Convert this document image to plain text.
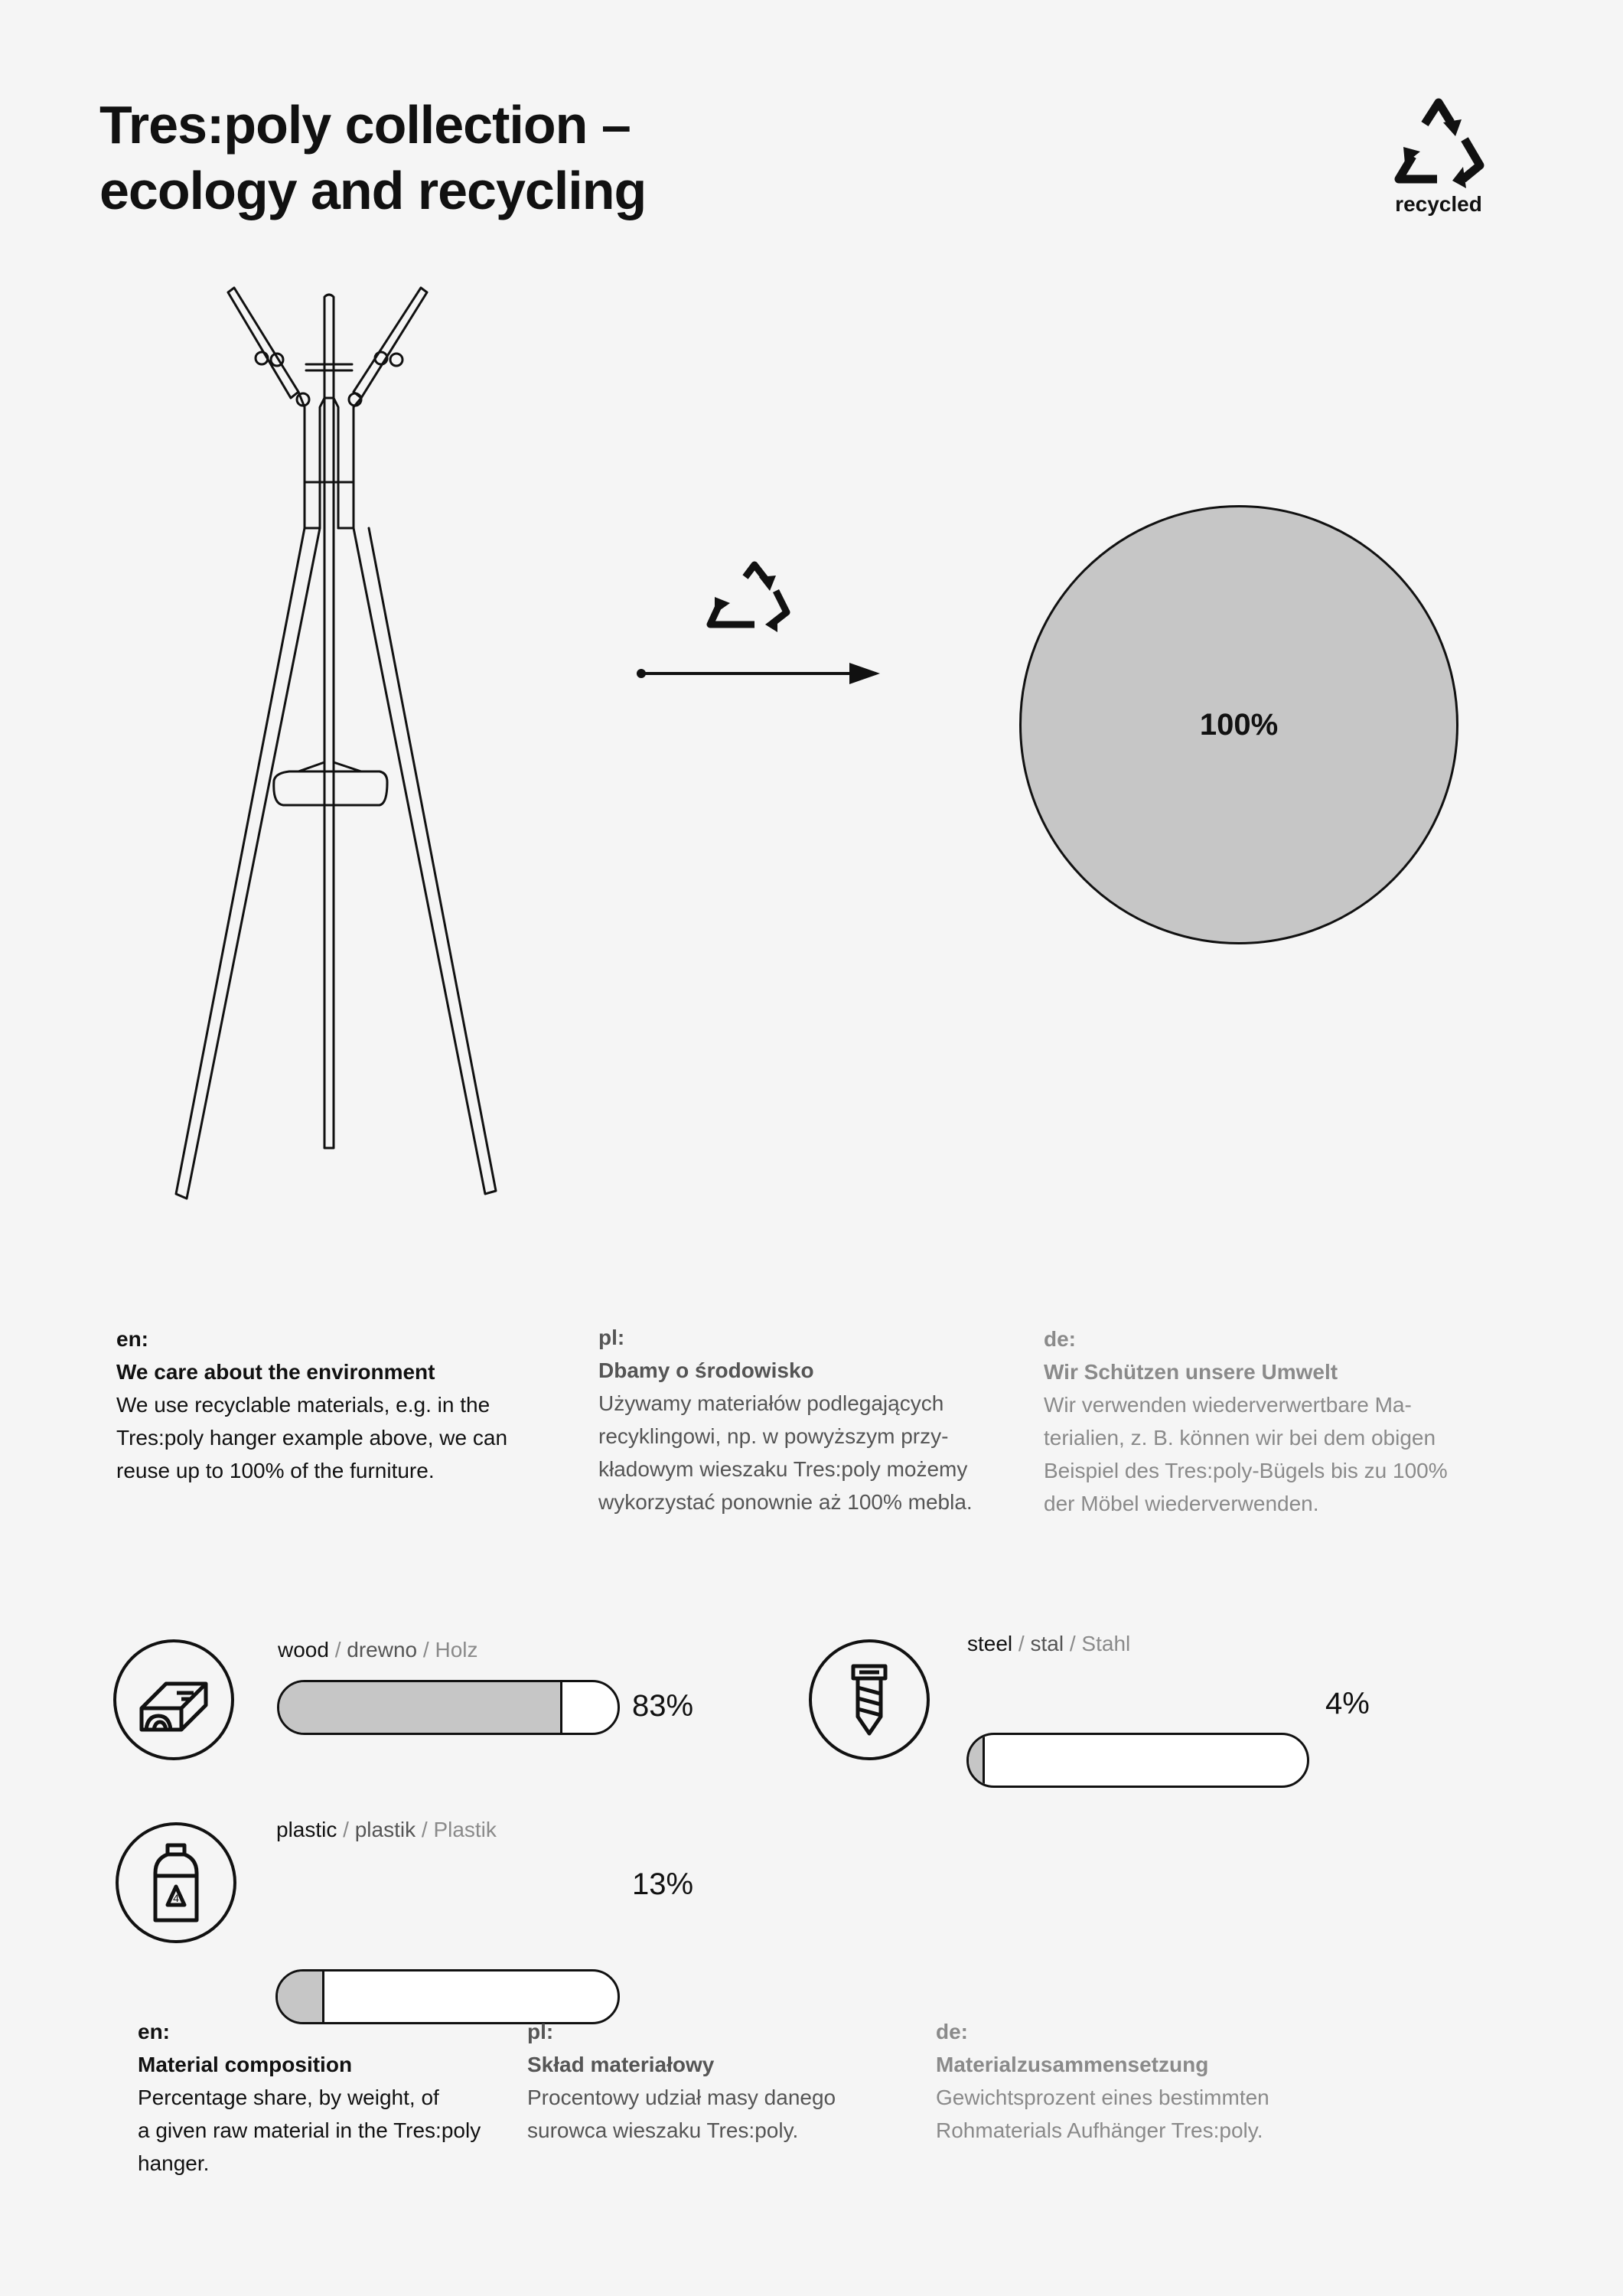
Tres:poly collection –
ecology and recycling	recycled
100%
en:
We care about the environment
We use recyclable materials, e.g. in the
Tres:poly hanger example above, we can
reuse up to 100% of the furniture.
pl:
Dbamy o środowisko
Używamy materiałów podlegających
recyklingowi, np. w powyższym przy-
kładowym wieszaku Tres:poly możemy
wykorzystać ponownie aż 100% mebla.
de:
Wir Schützen unsere Umwelt
Wir verwenden wiederverwertbare Ma-
terialien, z. B. können wir bei dem obigen
Beispiel des Tres:poly-Bügels bis zu 100%
der Möbel wiederverwenden.
wood / drewno / Holz
83%
steel / stal / Stahl
4%
4
plastic / plastik / Plastik
13%
en:
Material composition
Percentage share, by weight, of
a given raw material in the Tres:poly
hanger.
pl:
Skład materiałowy
Procentowy udział masy danego
surowca wieszaku Tres:poly.
de:
Materialzusammensetzung
Gewichtsprozent eines bestimmten
Rohmaterials Aufhänger Tres:poly.
